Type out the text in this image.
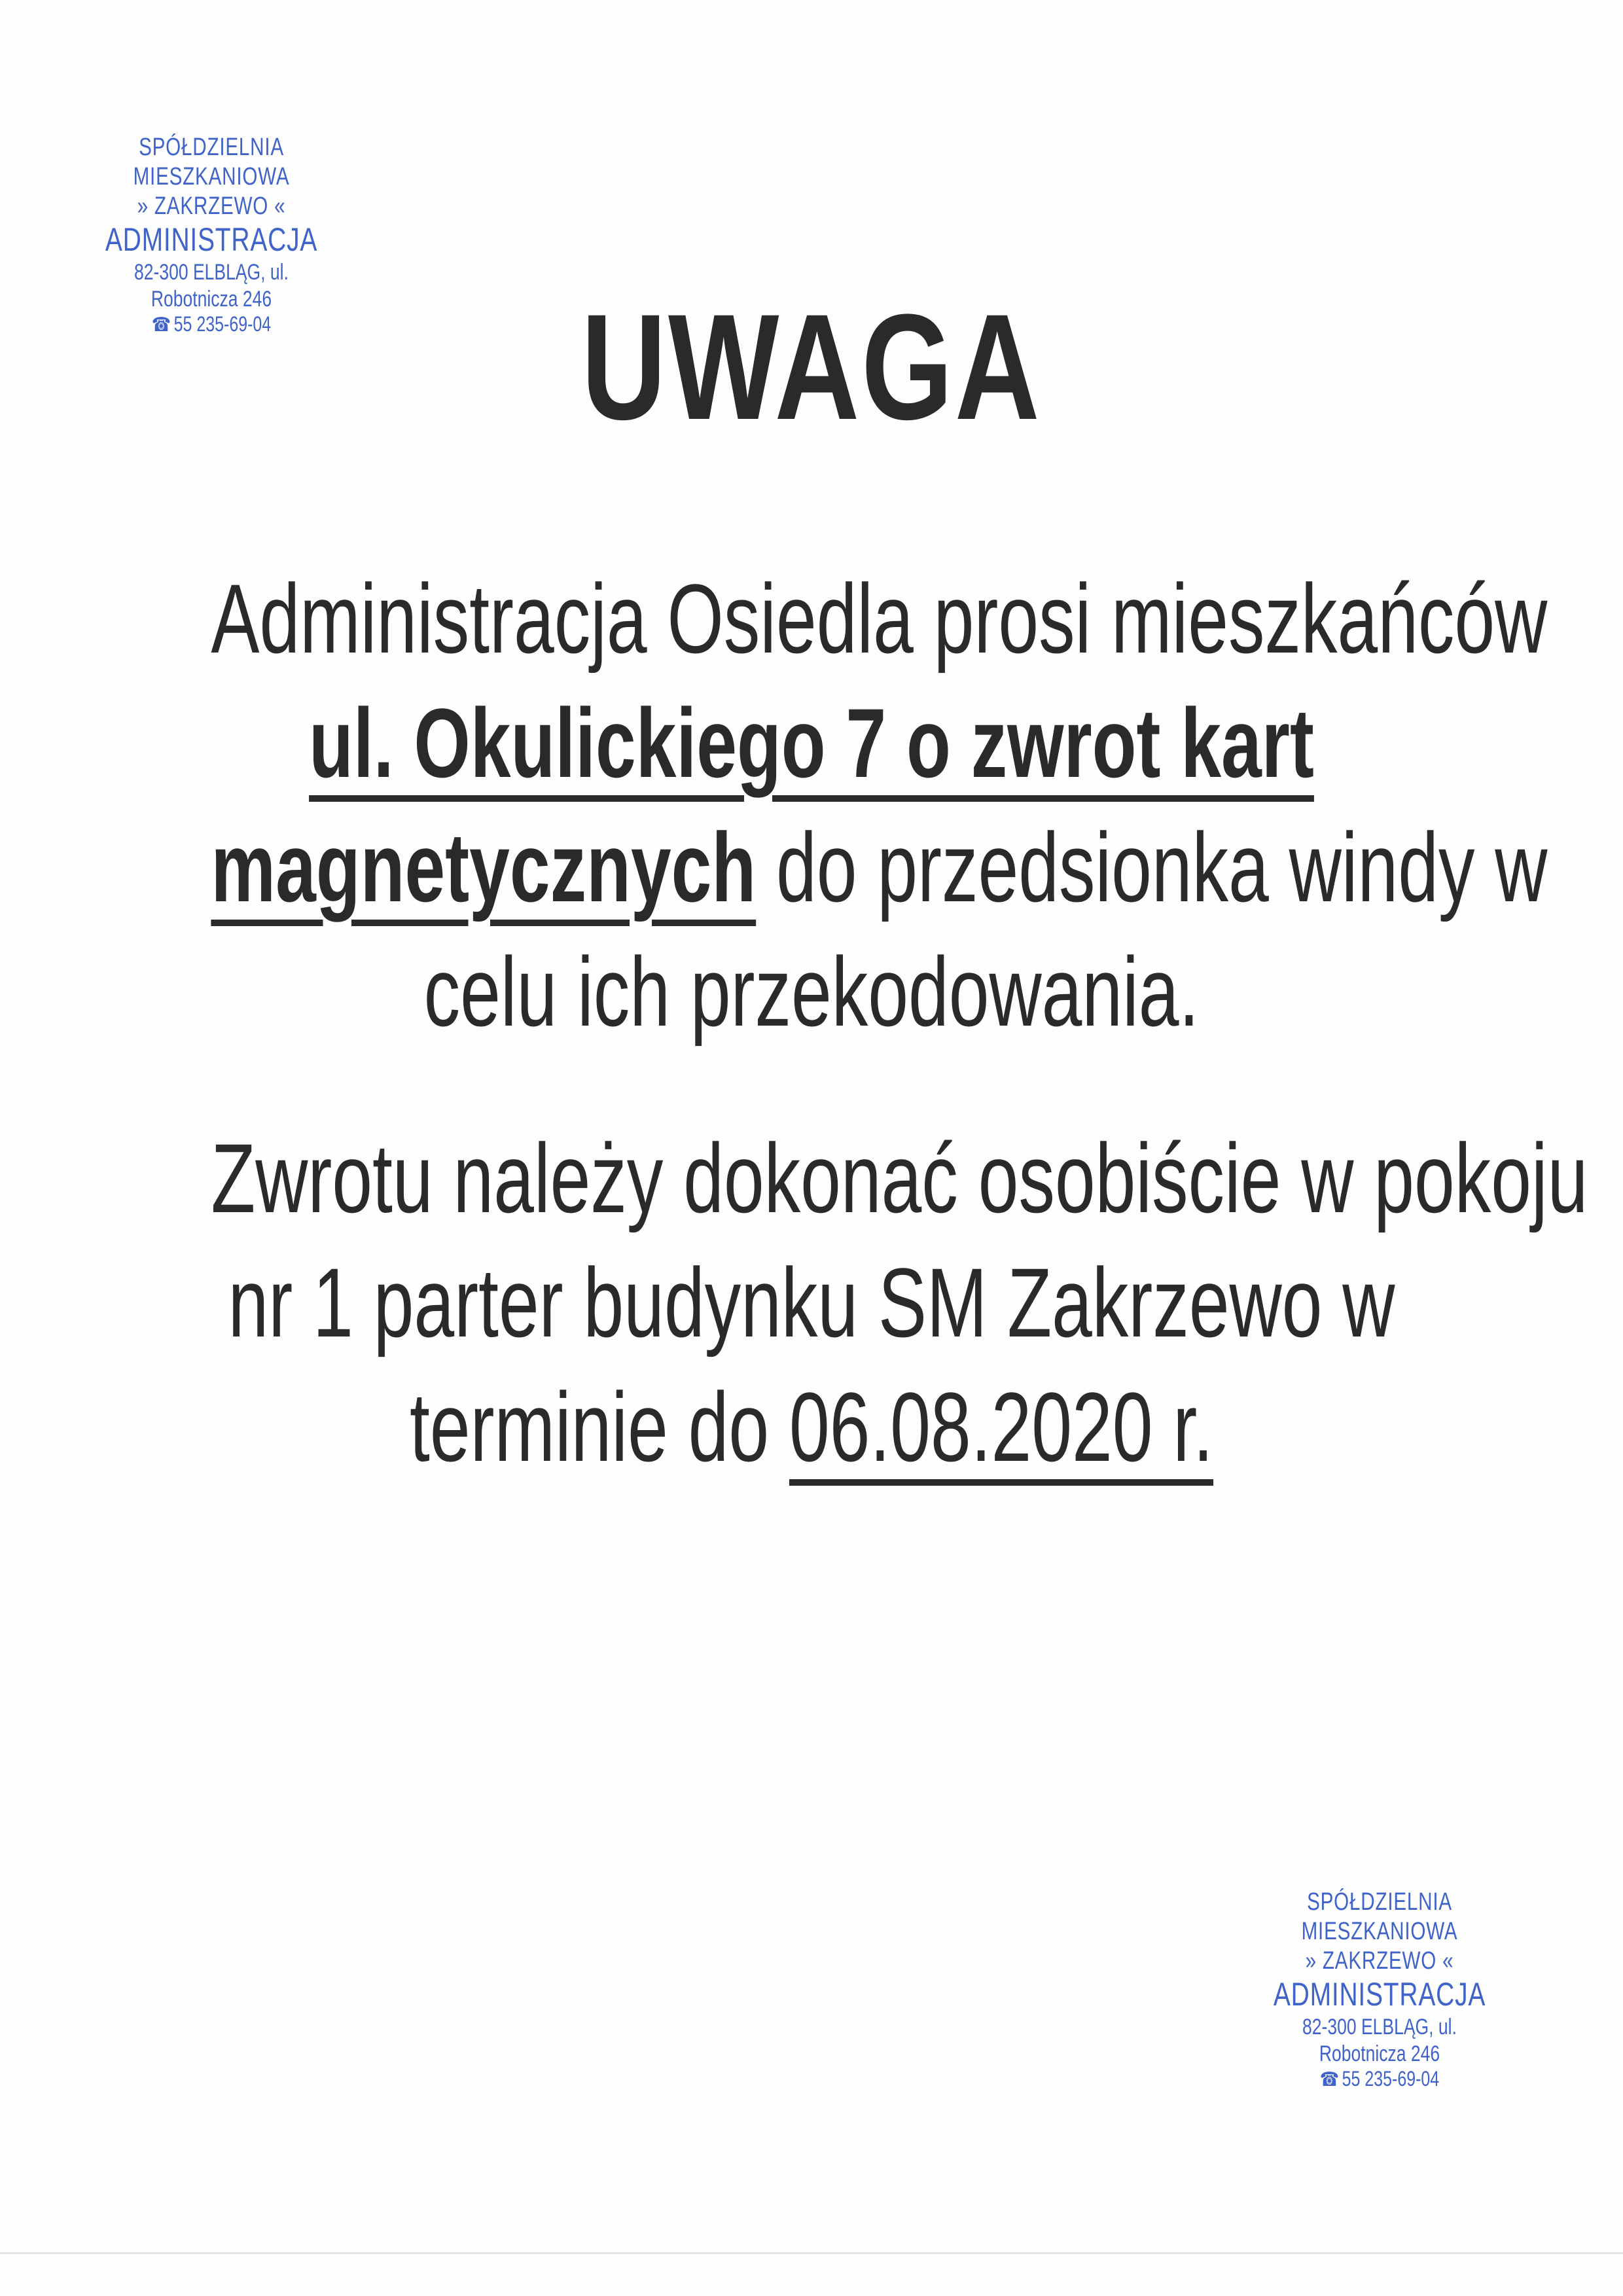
SPÓŁDZIELNIA MIESZKANIOWA
» ZAKRZEWO «
ADMINISTRACJA
82-300 ELBLĄG, ul. Robotnicza 246
☎ 55 235-69-04	UWAGA
Administracja Osiedla prosi mieszkańców
ul. Okulickiego 7 o zwrot kart
magnetycznych do przedsionka windy w
celu ich przekodowania.
Zwrotu należy dokonać osobiście w pokoju
nr 1 parter budynku SM Zakrzewo w
terminie do 06.08.2020 r.
SPÓŁDZIELNIA MIESZKANIOWA
» ZAKRZEWO «
ADMINISTRACJA
82-300 ELBLĄG, ul. Robotnicza 246
☎ 55 235-69-04
